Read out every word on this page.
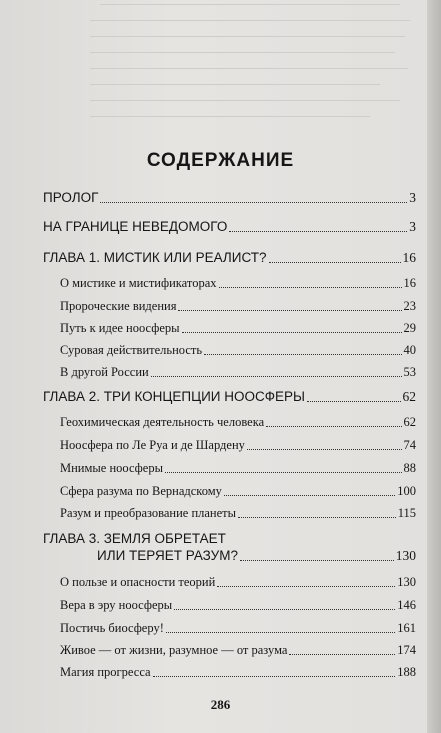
СОДЕРЖАНИЕ
ПРОЛОГ	3
НА ГРАНИЦЕ НЕВЕДОМОГО	3
ГЛАВА 1. МИСТИК ИЛИ РЕАЛИСТ?	16
О мистике и мистификаторах	16
Пророческие видения	23
Путь к идее ноосферы	29
Суровая действительность	40
В другой России	53
ГЛАВА 2. ТРИ КОНЦЕПЦИИ НООСФЕРЫ	62
Геохимическая деятельность человека	62
Ноосфера по Ле Руа и де Шардену	74
Мнимые ноосферы	88
Сфера разума по Вернадскому	100
Разум и преобразование планеты	115
ГЛАВА 3. ЗЕМЛЯ ОБРЕТАЕТ
ИЛИ ТЕРЯЕТ РАЗУМ?	130
О пользе и опасности теорий	130
Вера в эру ноосферы	146
Постичь биосферу!	161
Живое — от жизни, разумное — от разума	174
Магия прогресса	188
286
